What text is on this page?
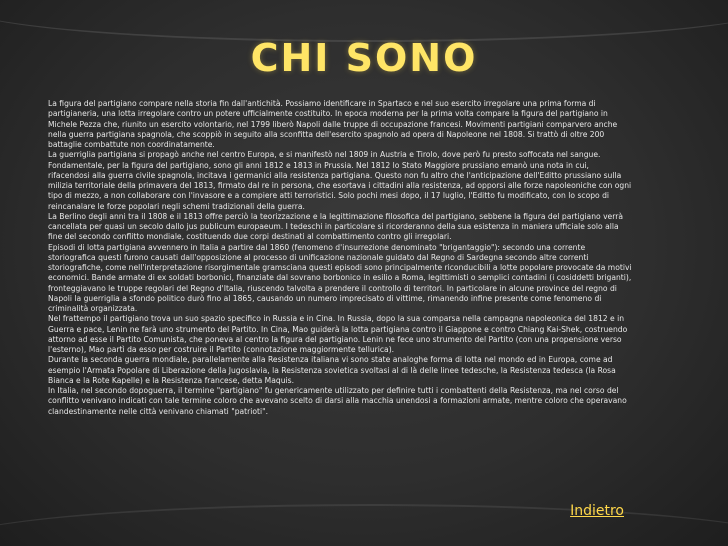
CHI SONO

La figura del partigiano compare nella storia fin dall'antichità. Possiamo identificare in Spartaco e nel suo esercito irregolare una prima forma di partigianeria, una lotta irregolare contro un potere ufficialmente costituito. In epoca moderna per la prima volta compare la figura del partigiano in Michele Pezza che, riunito un esercito volontario, nel 1799 liberò Napoli dalle truppe di occupazione francesi. Movimenti partigiani comparvero anche nella guerra partigiana spagnola, che scoppiò in seguito alla sconfitta dell'esercito spagnolo ad opera di Napoleone nel 1808. Si trattò di oltre 200 battaglie combattute non coordinatamente.

La guerriglia partigiana si propagò anche nel centro Europa, e si manifestò nel 1809 in Austria e Tirolo, dove però fu presto soffocata nel sangue.

Fondamentale, per la figura del partigiano, sono gli anni 1812 e 1813 in Prussia. Nel 1812 lo Stato Maggiore prussiano emanò una nota in cui, rifacendosi alla guerra civile spagnola, incitava i germanici alla resistenza partigiana. Questo non fu altro che l'anticipazione dell'Editto prussiano sulla milizia territoriale della primavera del 1813, firmato dal re in persona, che esortava i cittadini alla resistenza, ad opporsi alle forze napoleoniche con ogni tipo di mezzo, a non collaborare con l'invasore e a compiere atti terroristici. Solo pochi mesi dopo, il 17 luglio, l'Editto fu modificato, con lo scopo di reincanalare le forze popolari negli schemi tradizionali della guerra.

La Berlino degli anni tra il 1808 e il 1813 offre perciò la teorizzazione e la legittimazione filosofica del partigiano, sebbene la figura del partigiano verrà cancellata per quasi un secolo dallo jus publicum europaeum. I tedeschi in particolare si ricorderanno della sua esistenza in maniera ufficiale solo alla fine del secondo conflitto mondiale, costituendo due corpi destinati al combattimento contro gli irregolari.

Episodi di lotta partigiana avvennero in Italia a partire dal 1860 (fenomeno d'insurrezione denominato "brigantaggio"): secondo una corrente storiografica questi furono causati dall'opposizione al processo di unificazione nazionale guidato dal Regno di Sardegna secondo altre correnti storiografiche, come nell'interpretazione risorgimentale gramsciana questi episodi sono principalmente riconducibili a lotte popolare provocate da motivi economici. Bande armate di ex soldati borbonici, finanziate dal sovrano borbonico in esilio a Roma, legittimisti o semplici contadini (i cosiddetti briganti), fronteggiavano le truppe regolari del Regno d'Italia, riuscendo talvolta a prendere il controllo di territori. In particolare in alcune province del regno di Napoli la guerriglia a sfondo politico durò fino al 1865, causando un numero imprecisato di vittime, rimanendo infine presente come fenomeno di criminalità organizzata.

Nel frattempo il partigiano trova un suo spazio specifico in Russia e in Cina. In Russia, dopo la sua comparsa nella campagna napoleonica del 1812 e in Guerra e pace, Lenin ne farà uno strumento del Partito. In Cina, Mao guiderà la lotta partigiana contro il Giappone e contro Chiang Kai-Shek, costruendo attorno ad esse il Partito Comunista, che poneva al centro la figura del partigiano. Lenin ne fece uno strumento del Partito (con una propensione verso l'esterno), Mao partì da esso per costruire il Partito (connotazione maggiormente tellurica).

Durante la seconda guerra mondiale, parallelamente alla Resistenza italiana vi sono state analoghe forma di lotta nel mondo ed in Europa, come ad esempio l'Armata Popolare di Liberazione della Jugoslavia, la Resistenza sovietica svoltasi al di là delle linee tedesche, la Resistenza tedesca (la Rosa Bianca e la Rote Kapelle) e la Resistenza francese, detta Maquis.

In Italia, nel secondo dopoguerra, il termine "partigiano" fu genericamente utilizzato per definire tutti i combattenti della Resistenza, ma nel corso del conflitto venivano indicati con tale termine coloro che avevano scelto di darsi alla macchia unendosi a formazioni armate, mentre coloro che operavano clandestinamente nelle città venivano chiamati "patrioti".

Indietro
